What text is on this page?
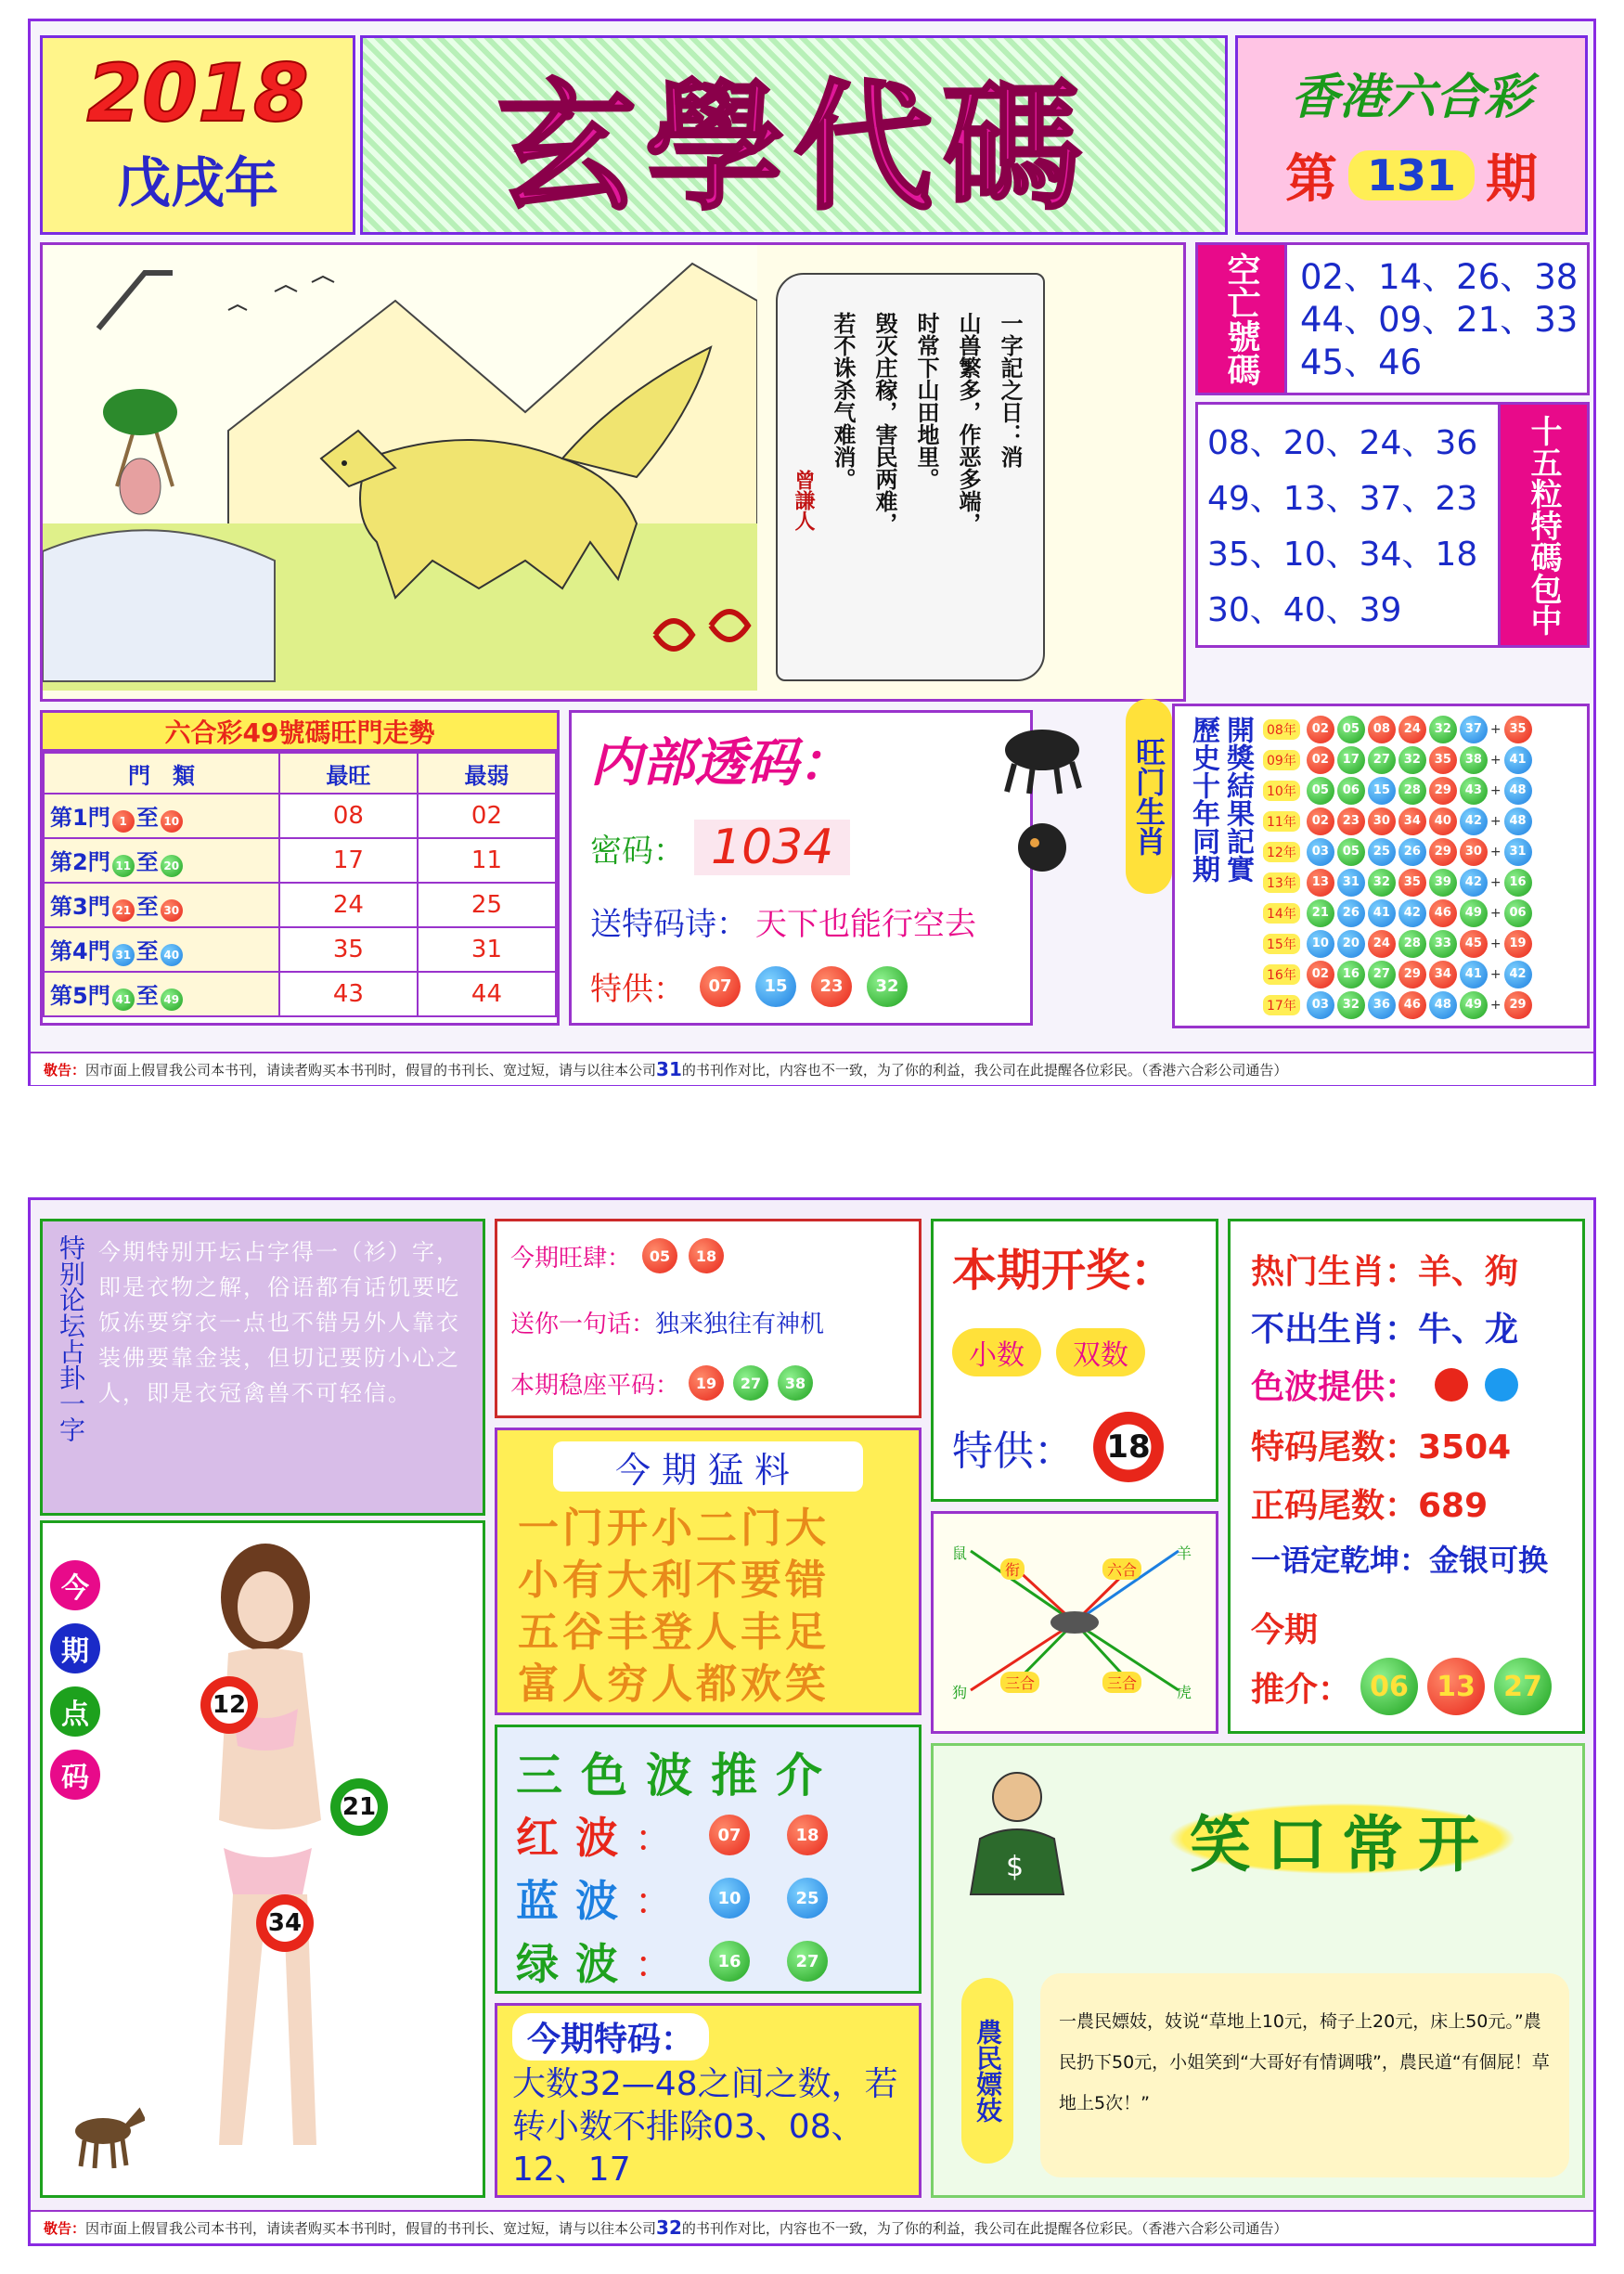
2018
戊戌年 玄學代碼	香港六合彩
第 131 期
一字記之日：消
山兽繁多，作恶多端，
时常下山田地里。
毁灭庄稼，害民两难，
若不诛杀气难消。
曾謙人
空亡號碼	02、14、26、38
44、09、21、33
45、46
08、20、24、36
49、13、37、23
35、10、34、18
30、40、39	十五粒特碼包中
六合彩49號碼旺門走勢
門　類	最旺	最弱
第1門 1 至 10	08	02
第2門 11 至 20	17	11
第3門 21 至 30	24	25
第4門 31 至 40	35	31
第5門 41 至 49	43	44
内部透码：
密码： 1034
送特码诗： 天下也能行空去
特供：	07	15	23	32
旺门生肖 開獎結果記實
歷史十年同期	08年	02	05	08	24	32	37 + 35
09年	02	17	27	32	35	38 + 41
10年	05	06	15	28	29	43 + 48
11年	02	23	30	34	40	42 + 48
12年	03	05	25	26	29	30 + 31
13年	13	31	32	35	39	42 + 16
14年	21	26	41	42	46	49 + 06
15年	10	20	24	28	33	45 + 19
16年	02	16	27	29	34	41 + 42
17年	03	32	36	46	48	49 + 29
敬告： 因市面上假冒我公司本书刊，请读者购买本书刊时，假冒的书刊长、宽过短，请与以往本公司 31 的书刊作对比，内容也不一致，为了你的利益，我公司在此提醒各位彩民。（香港六合彩公司通告）
特别论坛占卦一字 今期特别开坛占字得一（衫）字，即是衣物之解，俗语都有话饥要吃饭冻要穿衣一点也不错另外人靠衣装佛要靠金装，但切记要防小心之人，即是衣冠禽兽不可轻信。
今期旺肆：	05	18
送你一句话： 独来独往有神机
本期稳座平码：	19	27	38
本期开奖：
小数	双数
特供：	18
热门生肖：羊、狗
不出生肖：牛、龙
色波提供：
特码尾数：3504
正码尾数：689
一语定乾坤：金银可换
今期
推介： 06	13	27
今期猛料
一门开小二门大
小有大利不要错
五谷丰登人丰足
富人穷人都欢笑
鼠
衔	六合
羊
狗
三合	三合
虎
12
21
34
今
期
点
码	三色波推介
红波 ：	07	18
蓝波 ：	10	25
绿波 ：	16	27
$	笑口常开
農民嫖妓	一農民嫖妓，妓说“草地上10元，椅子上20元，床上50元。”農民扔下50元，小姐笑到“大哥好有情调哦”，農民道“有個屁！草地上5次！”
今期特码：
大数32—48之间之数，若转小数不排除03、08、12、17
敬告： 因市面上假冒我公司本书刊，请读者购买本书刊时，假冒的书刊长、宽过短，请与以往本公司 32 的书刊作对比，内容也不一致，为了你的利益，我公司在此提醒各位彩民。（香港六合彩公司通告）
